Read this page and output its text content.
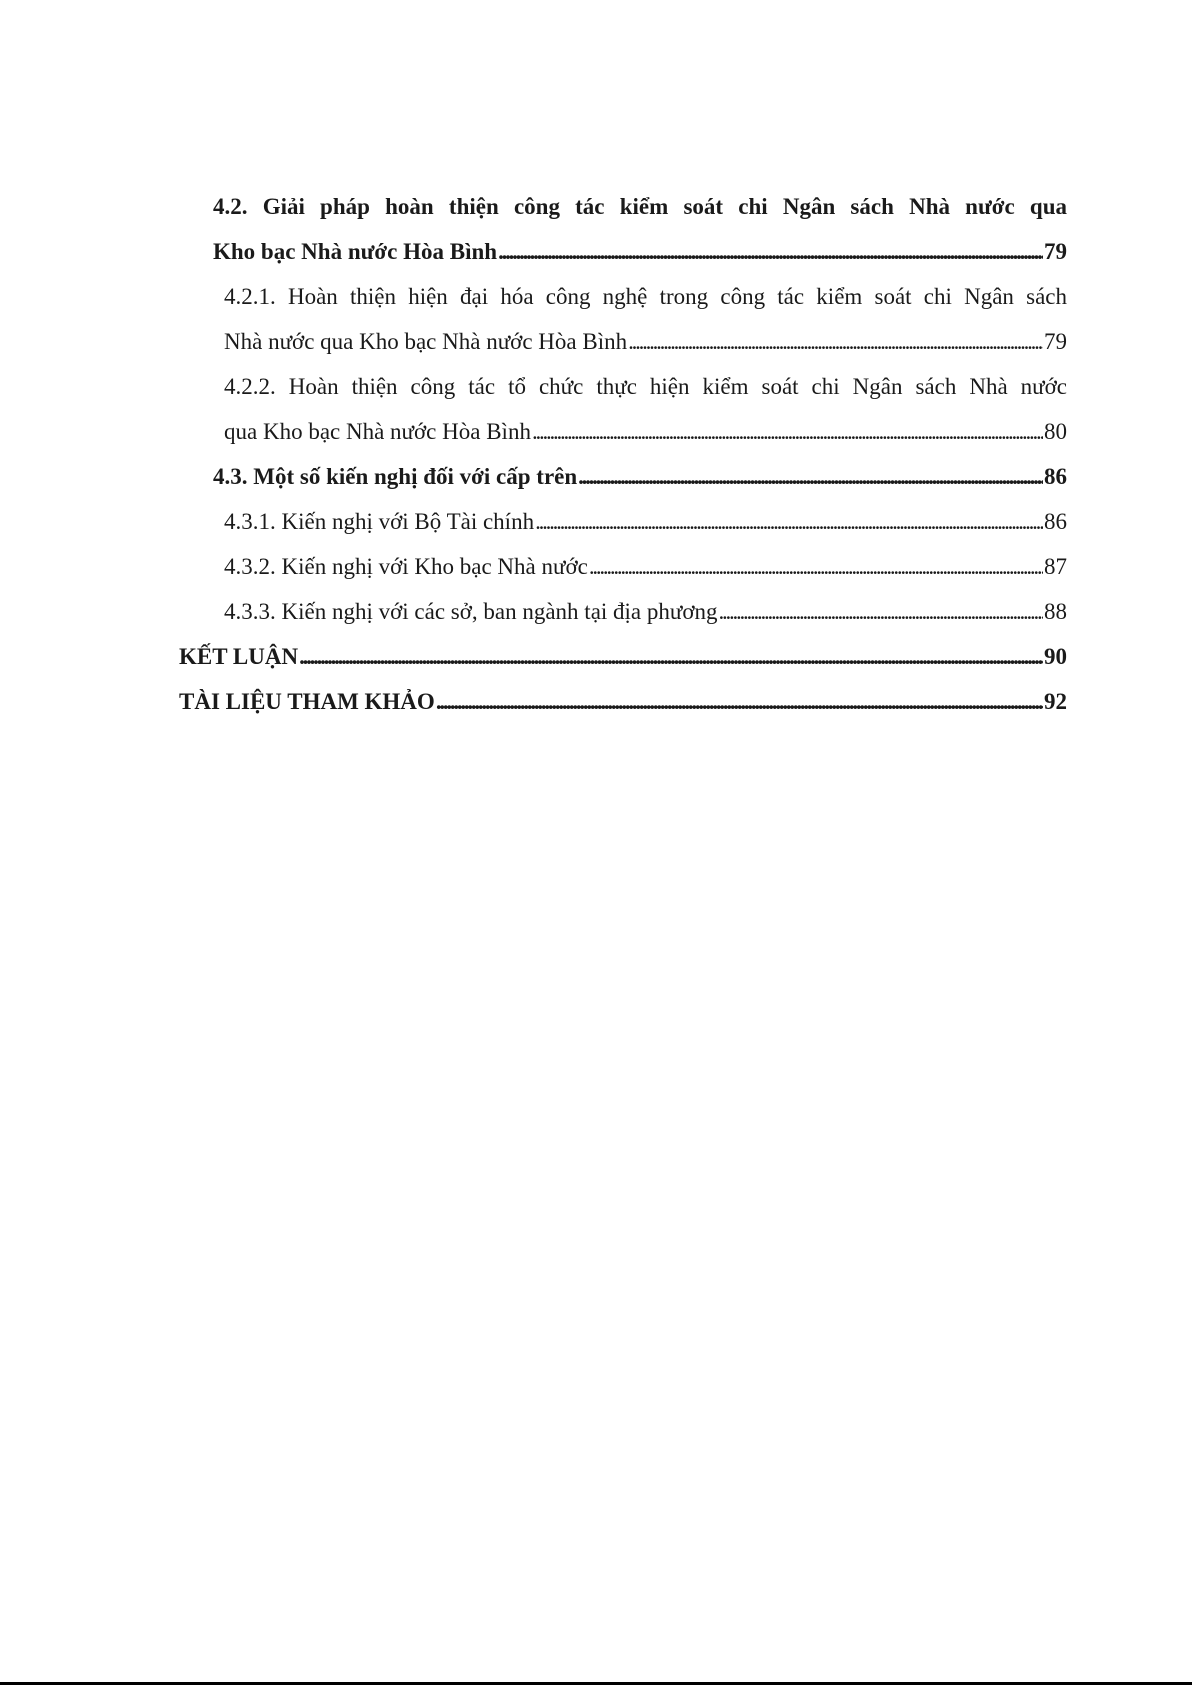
4.2. Giải pháp hoàn thiện công tác kiểm soát chi Ngân sách Nhà nước qua
Kho bạc Nhà nước Hòa Bình . . .	79
4.2.1. Hoàn thiện hiện đại hóa công nghệ trong công tác kiểm soát chi Ngân sách
Nhà nước qua Kho bạc Nhà nước Hòa Bình . . .	79
4.2.2. Hoàn thiện công tác tổ chức thực hiện kiểm soát chi Ngân sách Nhà nước
qua Kho bạc Nhà nước Hòa Bình . . .	80
4.3. Một số kiến nghị đối với cấp trên . . .	86
4.3.1. Kiến nghị với Bộ Tài chính . . .	86
4.3.2. Kiến nghị với Kho bạc Nhà nước . . .	87
4.3.3. Kiến nghị với các sở, ban ngành tại địa phương . . .	88
KẾT LUẬN . . .	90
TÀI LIỆU THAM KHẢO . . .	92
